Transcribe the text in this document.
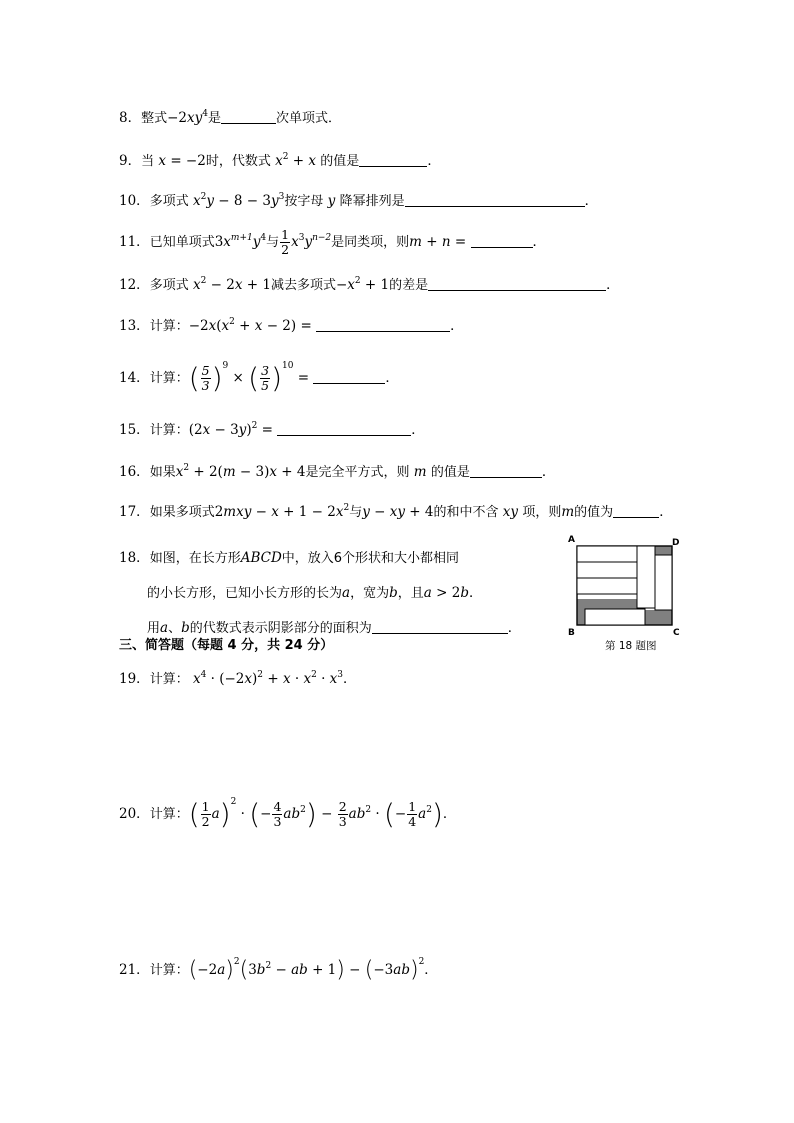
8．整式$-2xy^4$是	次单项式．
9．当 x = −2时，代数式 $x^2 + x$ 的值是	．
10．多项式 $x^2y - 8 - 3y^3$按字母 y 降幂排列是	．
11．已知单项式$3x^{m+1}y^4$与 $\frac{1}{2} x^3y^{n-2}$是同类项，则m + n =	．
12．多项式 $x^2 - 2x + 1$减去多项式$-x^2 + 1$的差是	．
13．计算：$-2x(x^2 + x - 2)$ =	．
14．计算：( $\frac{5}{3} )^9$ × ( $\frac{3}{5} )^{10}$ =	．
15．计算：$(2x - 3y)^2$ =	．
16．如果$x^2 + 2(m - 3)x + 4$是完全平方式，则 m 的值是	．
17．如果多项式$2mxy - x + 1 - 2x^2$与y − xy + 4的和中不含 xy 项，则m的值为	．
18．如图，在长方形ABCD中，放入6个形状和大小都相同
的小长方形，已知小长方形的长为a，宽为b，且a > 2b．
用a、b的代数式表示阴影部分的面积为	．
A	D
B	C
第 18 题图
三、简答题（每题 4 分，共 24 分）
19．计算： $x^4 \cdot (-2x)^2 + x \cdot x^2 \cdot x^3$．
20．计算：( $\frac{1}{2} a)^2$ · (− $\frac{4}{3} ab^2) - \frac{2}{3} ab^2$ · (− $\frac{1}{4} a^2$)．
21．计算：$(-2a)^2(3b^2$ − ab + $1) - (-3ab)^2$．
